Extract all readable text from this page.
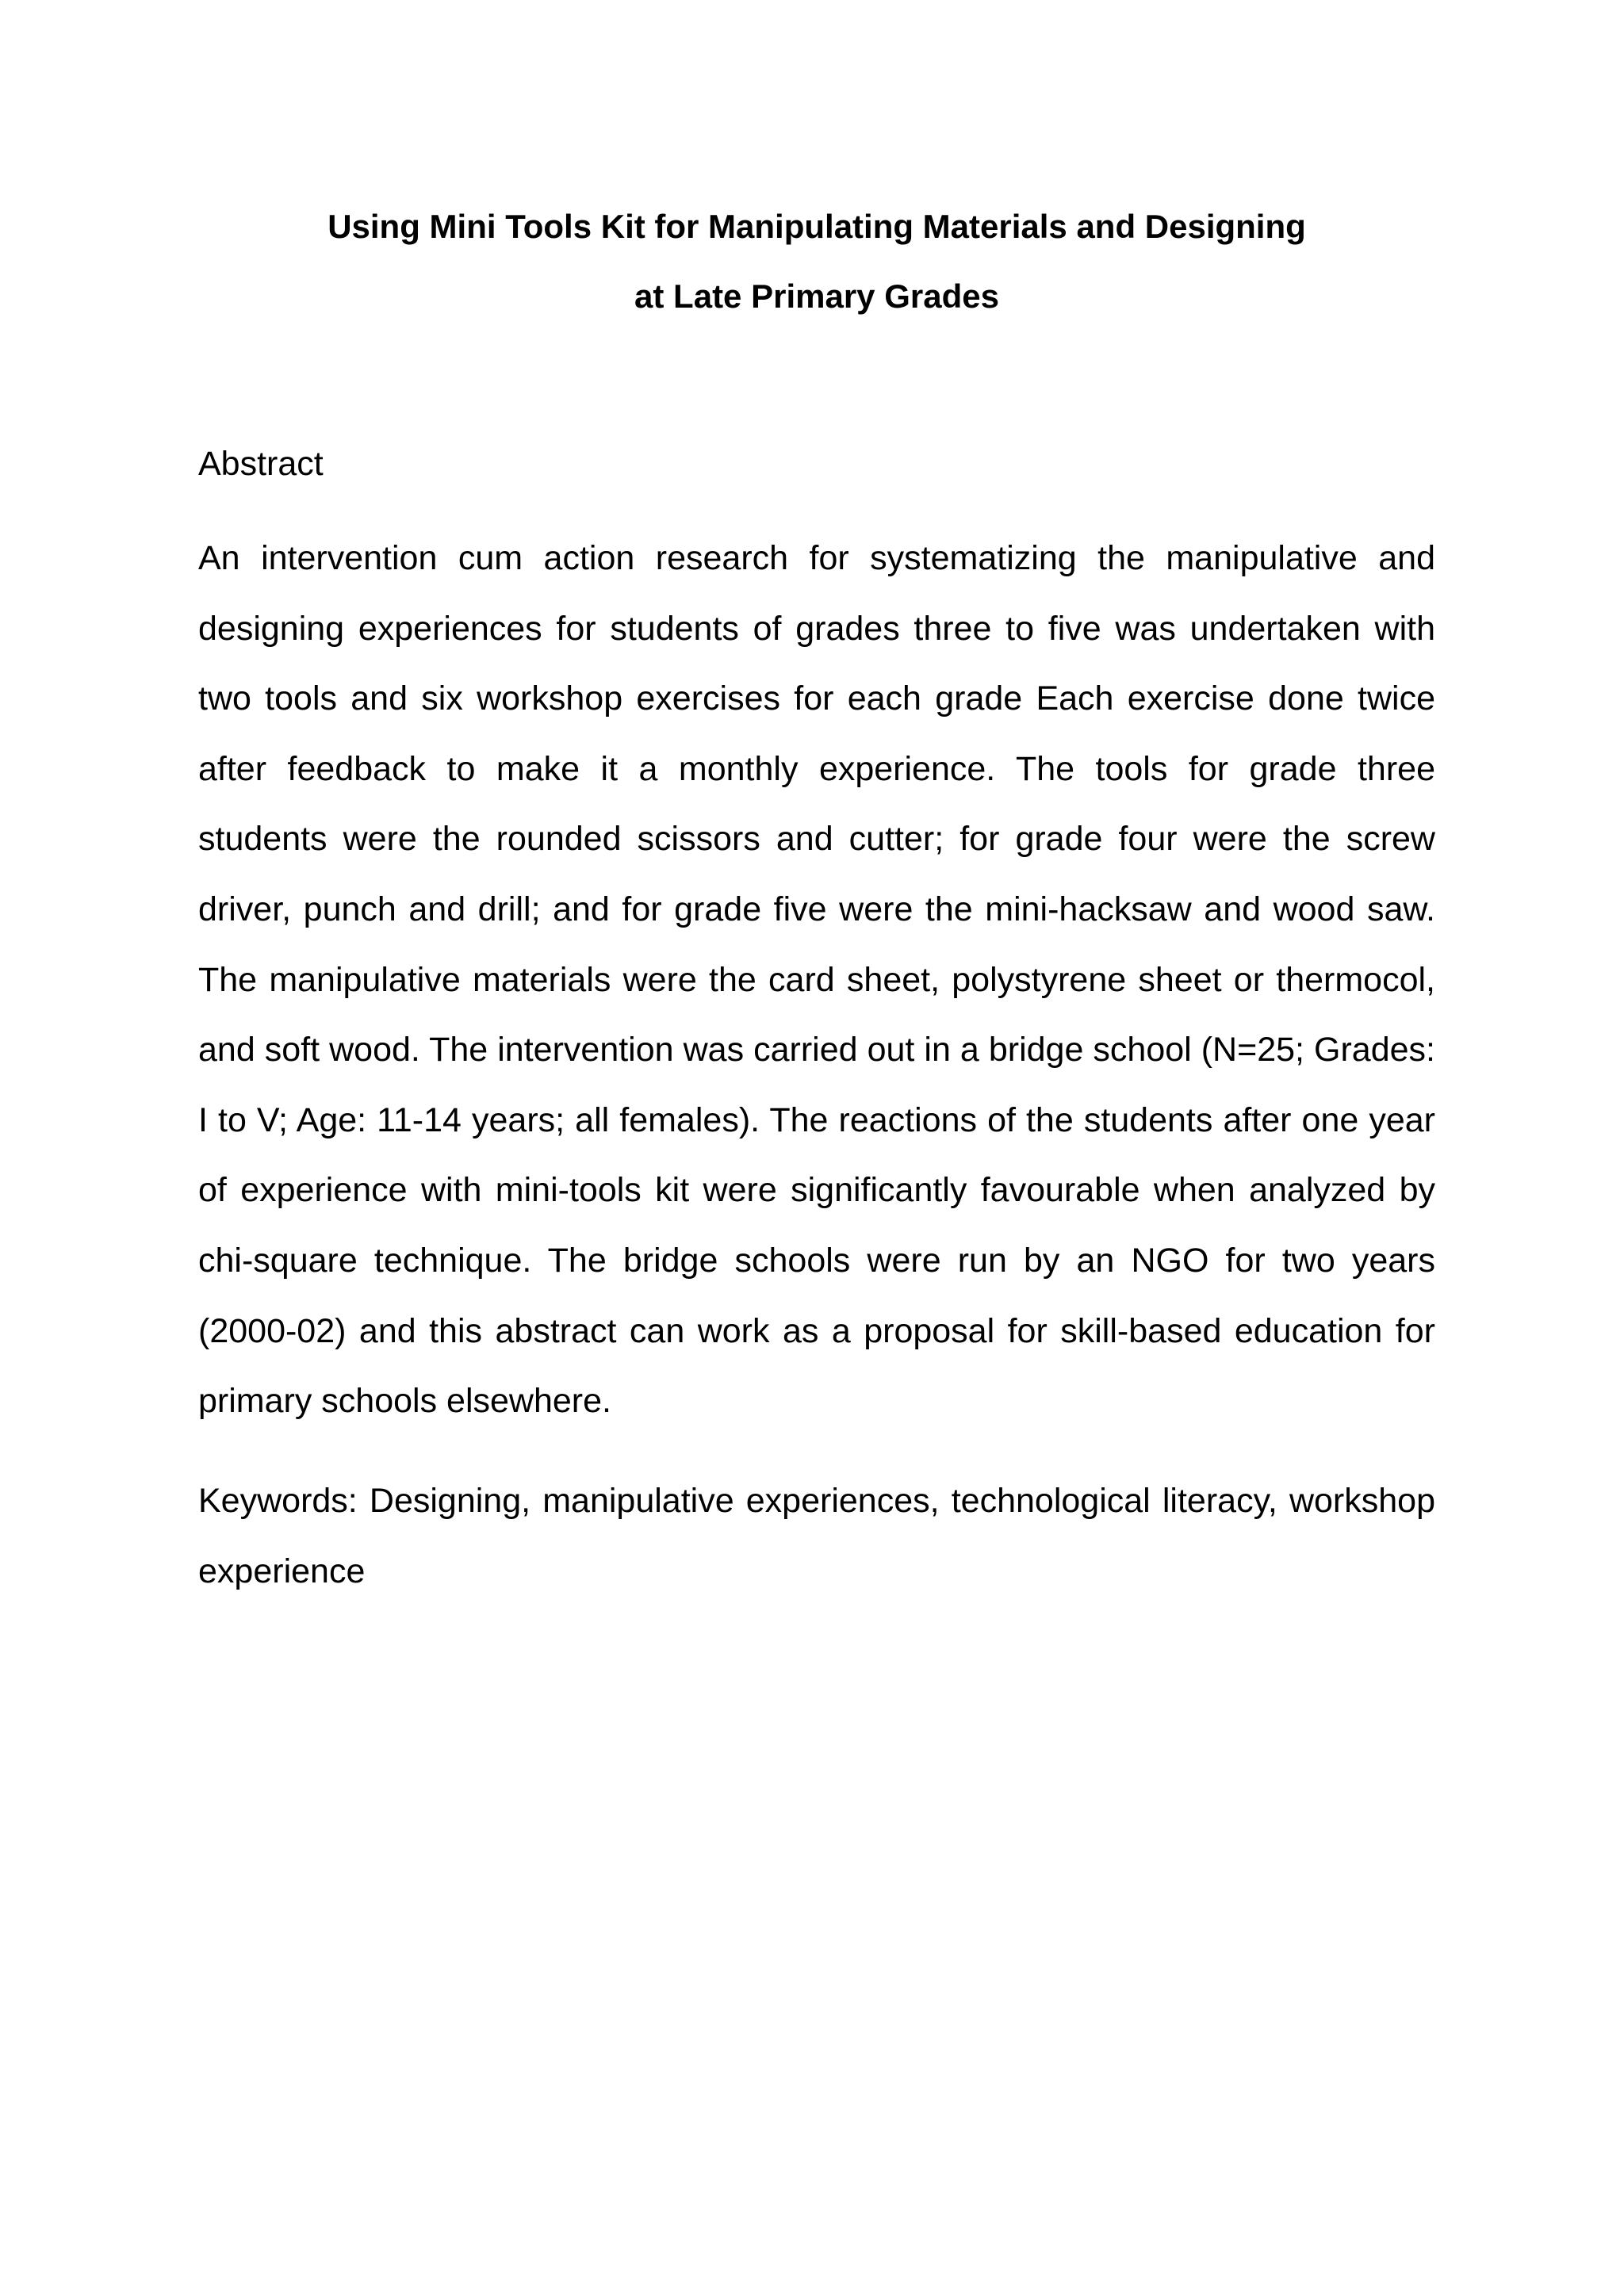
Using Mini Tools Kit for Manipulating Materials and Designing
at Late Primary Grades
Abstract

An intervention cum action research for systematizing the manipulative and designing experiences for students of grades three to five was undertaken with two tools and six workshop exercises for each grade Each exercise done twice after feedback to make it a monthly experience. The tools for grade three students were the rounded scissors and cutter; for grade four were the screw driver, punch and drill; and for grade five were the mini-hacksaw and wood saw. The manipulative materials were the card sheet, polystyrene sheet or thermocol, and soft wood. The intervention was carried out in a bridge school (N=25; Grades: I to V; Age: 11-14 years; all females). The reactions of the students after one year of experience with mini-tools kit were significantly favourable when analyzed by chi-square technique. The bridge schools were run by an NGO for two years (2000-02) and this abstract can work as a proposal for skill-based education for primary schools elsewhere.

Keywords: Designing, manipulative experiences, technological literacy, workshop experience
